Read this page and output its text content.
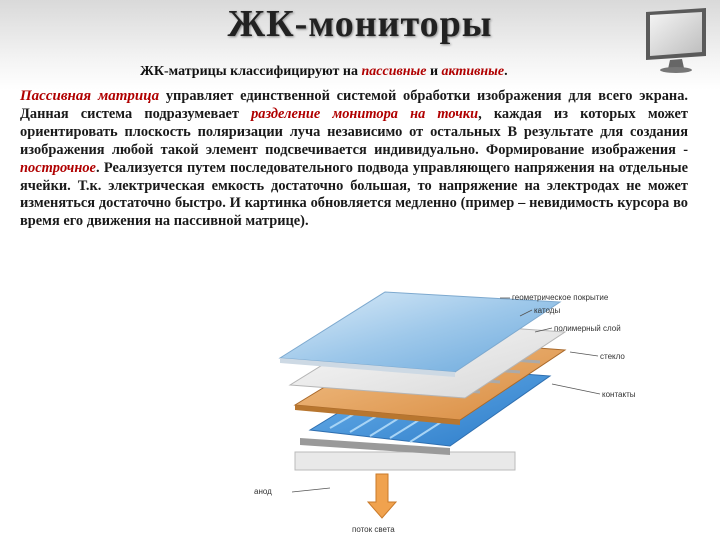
ЖК-мониторы
ЖК-матрицы классифицируют на пассивные и активные.
Пассивная матрица управляет единственной системой обработки изображения для всего экрана. Данная система подразумевает разделение монитора на точки, каждая из которых может ориентировать плоскость поляризации луча независимо от остальных В результате для создания изображения любой такой элемент подсвечивается индивидуально. Формирование изображения - построчное. Реализуется путем последовательного подвода управляющего напряжения на отдельные ячейки. Т.к. электрическая емкость достаточно большая, то напряжение на электродах не может изменяться достаточно быстро. И картинка обновляется медленно (пример – невидимость курсора во время его движения на пассивной матрице).
геометрическое покрытие
катоды
полимерный слой
стекло
контакты
анод
поток света
